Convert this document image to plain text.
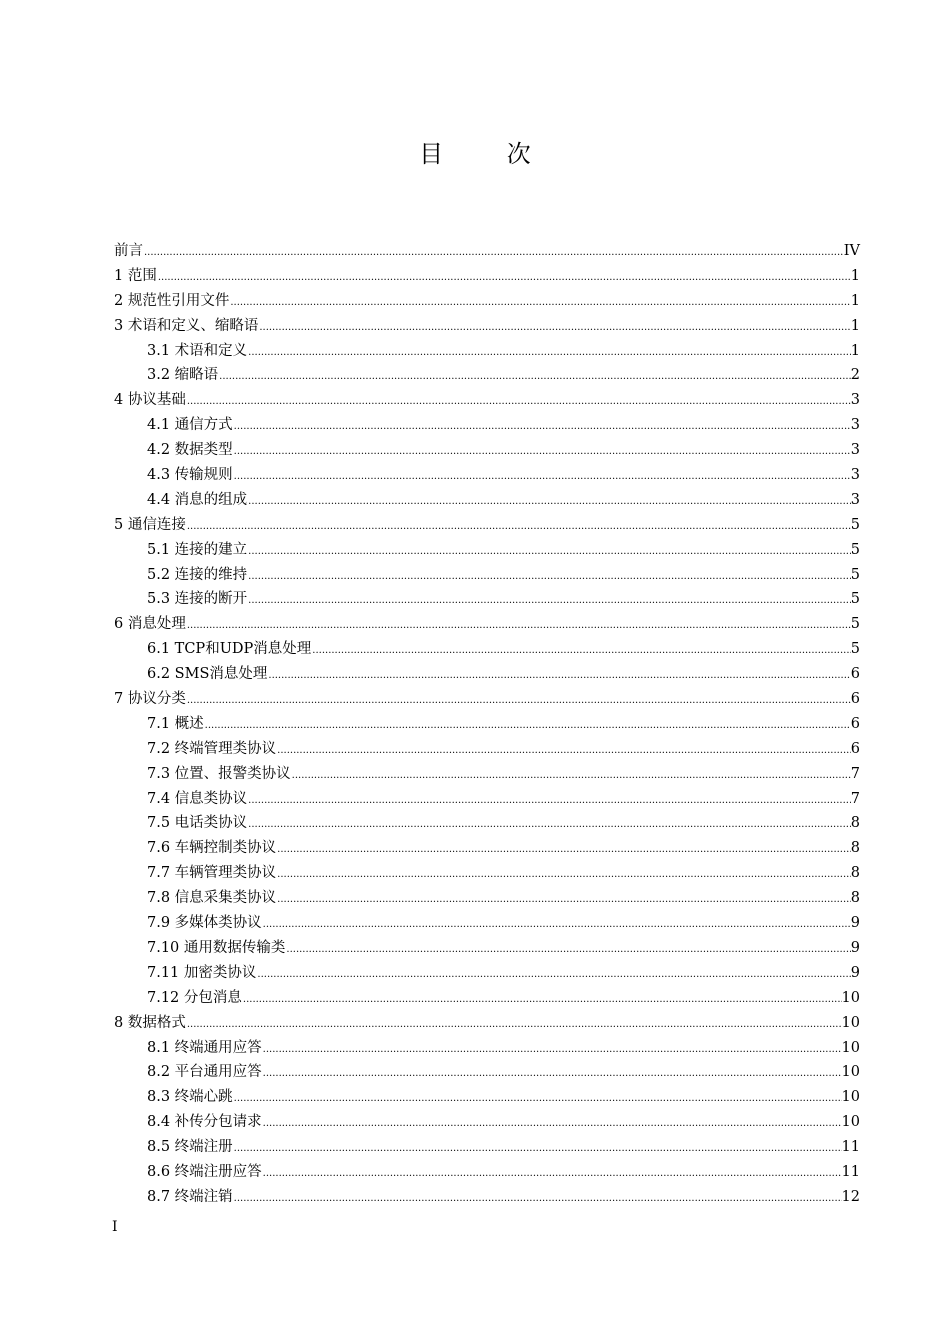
目 次
前言 .....	IV
1 范围 .....	1
2 规范性引用文件 .....	1
3 术语和定义、缩略语 .....	1
3.1 术语和定义 .....	1
3.2 缩略语 .....	2
4 协议基础 .....	3
4.1 通信方式 .....	3
4.2 数据类型 .....	3
4.3 传输规则 .....	3
4.4 消息的组成 .....	3
5 通信连接 .....	5
5.1 连接的建立 .....	5
5.2 连接的维持 .....	5
5.3 连接的断开 .....	5
6 消息处理 .....	5
6.1 TCP和UDP消息处理 .....	5
6.2 SMS消息处理 .....	6
7 协议分类 .....	6
7.1 概述 .....	6
7.2 终端管理类协议 .....	6
7.3 位置、报警类协议 .....	7
7.4 信息类协议 .....	7
7.5 电话类协议 .....	8
7.6 车辆控制类协议 .....	8
7.7 车辆管理类协议 .....	8
7.8 信息采集类协议 .....	8
7.9 多媒体类协议 .....	9
7.10 通用数据传输类 .....	9
7.11 加密类协议 .....	9
7.12 分包消息 .....	10
8 数据格式 .....	10
8.1 终端通用应答 .....	10
8.2 平台通用应答 .....	10
8.3 终端心跳 .....	10
8.4 补传分包请求 .....	10
8.5 终端注册 .....	11
8.6 终端注册应答 .....	11
8.7 终端注销 .....	12
I
